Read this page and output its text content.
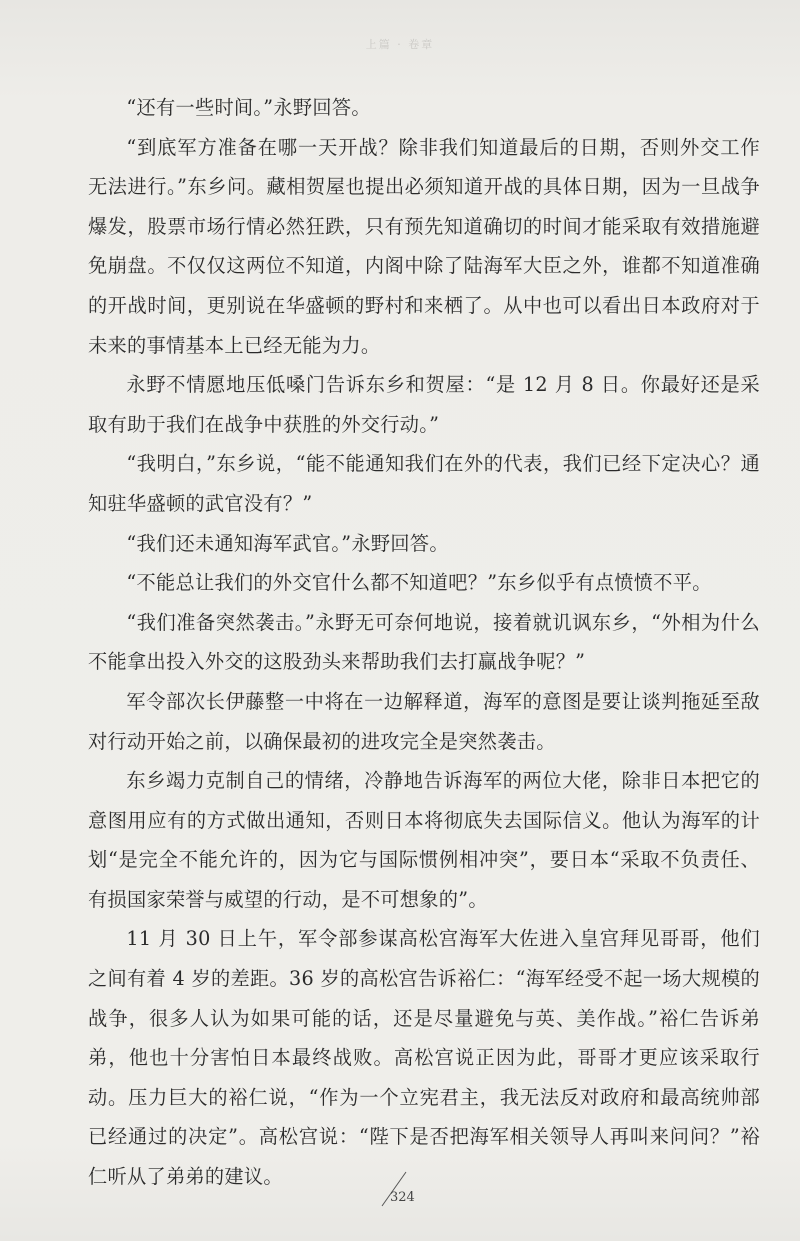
上篇 · 卷章

“还有一些时间。”永野回答。

“到底军方准备在哪一天开战？除非我们知道最后的日期，否则外交工作无法进行。”东乡问。藏相贺屋也提出必须知道开战的具体日期，因为一旦战争爆发，股票市场行情必然狂跌，只有预先知道确切的时间才能采取有效措施避免崩盘。不仅仅这两位不知道，内阁中除了陆海军大臣之外，谁都不知道准确的开战时间，更别说在华盛顿的野村和来栖了。从中也可以看出日本政府对于未来的事情基本上已经无能为力。

永野不情愿地压低嗓门告诉东乡和贺屋：“是 12 月 8 日。你最好还是采取有助于我们在战争中获胜的外交行动。”

“我明白，”东乡说，“能不能通知我们在外的代表，我们已经下定决心？通知驻华盛顿的武官没有？”

“我们还未通知海军武官。”永野回答。

“不能总让我们的外交官什么都不知道吧？”东乡似乎有点愤愤不平。

“我们准备突然袭击。”永野无可奈何地说，接着就讥讽东乡，“外相为什么不能拿出投入外交的这股劲头来帮助我们去打赢战争呢？”

军令部次长伊藤整一中将在一边解释道，海军的意图是要让谈判拖延至敌对行动开始之前，以确保最初的进攻完全是突然袭击。

东乡竭力克制自己的情绪，冷静地告诉海军的两位大佬，除非日本把它的意图用应有的方式做出通知，否则日本将彻底失去国际信义。他认为海军的计划“是完全不能允许的，因为它与国际惯例相冲突”，要日本“采取不负责任、有损国家荣誉与威望的行动，是不可想象的”。

11 月 30 日上午，军令部参谋高松宫海军大佐进入皇宫拜见哥哥，他们之间有着 4 岁的差距。36 岁的高松宫告诉裕仁：“海军经受不起一场大规模的战争，很多人认为如果可能的话，还是尽量避免与英、美作战。”裕仁告诉弟弟，他也十分害怕日本最终战败。高松宫说正因为此，哥哥才更应该采取行动。压力巨大的裕仁说，“作为一个立宪君主，我无法反对政府和最高统帅部已经通过的决定”。高松宫说：“陛下是否把海军相关领导人再叫来问问？”裕仁听从了弟弟的建议。

324
